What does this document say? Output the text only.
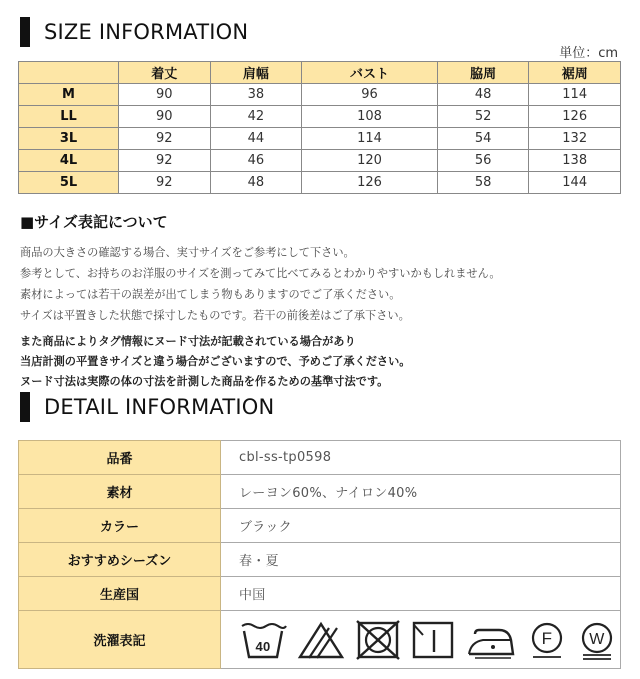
SIZE INFORMATION
単位：cm
	着丈	肩幅	バスト	脇周	裾周
M	90	38	96	48	114
LL	90	42	108	52	126
3L	92	44	114	54	132
4L	92	46	120	56	138
5L	92	48	126	58	144
■サイズ表記について

商品の大きさの確認する場合、実寸サイズをご参考にして下さい。

参考として、お持ちのお洋服のサイズを測ってみて比べてみるとわかりやすいかもしれません。

素材によっては若干の誤差が出てしまう物もありますのでご了承ください。

サイズは平置きした状態で採寸したものです。若干の前後差はご了承下さい。

また商品によりタグ情報にヌード寸法が記載されている場合があり

当店計測の平置きサイズと違う場合がございますので、予めご了承ください。

ヌード寸法は実際の体の寸法を計測した商品を作るための基準寸法です。

DETAIL INFORMATION
品番	cbl-ss-tp0598
素材	レーヨン60%、ナイロン40%
カラー	ブラック
おすすめシーズン	春・夏
生産国	中国
洗濯表記	40 F W
